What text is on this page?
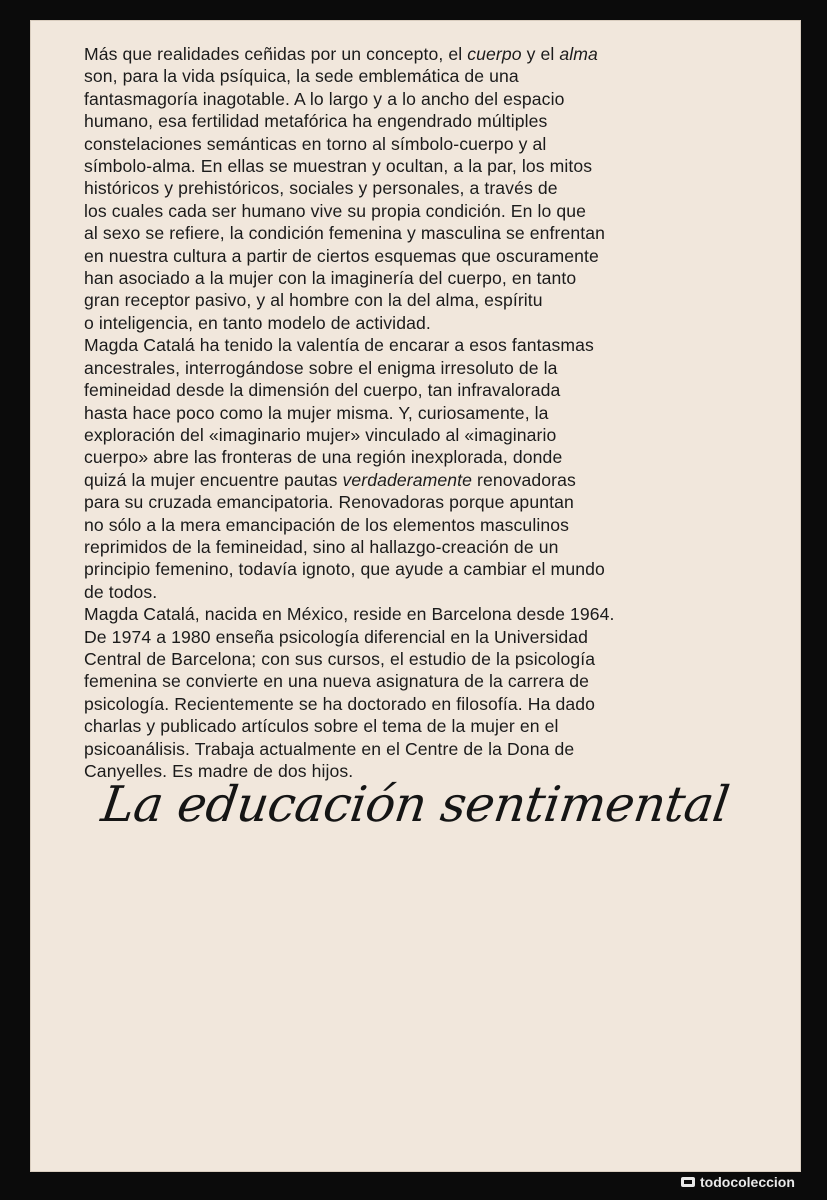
Más que realidades ceñidas por un concepto, el cuerpo y el alma
son, para la vida psíquica, la sede emblemática de una
fantasmagoría inagotable. A lo largo y a lo ancho del espacio
humano, esa fertilidad metafórica ha engendrado múltiples
constelaciones semánticas en torno al símbolo-cuerpo y al
símbolo-alma. En ellas se muestran y ocultan, a la par, los mitos
históricos y prehistóricos, sociales y personales, a través de
los cuales cada ser humano vive su propia condición. En lo que
al sexo se refiere, la condición femenina y masculina se enfrentan
en nuestra cultura a partir de ciertos esquemas que oscuramente
han asociado a la mujer con la imaginería del cuerpo, en tanto
gran receptor pasivo, y al hombre con la del alma, espíritu
o inteligencia, en tanto modelo de actividad.
Magda Catalá ha tenido la valentía de encarar a esos fantasmas
ancestrales, interrogándose sobre el enigma irresoluto de la
femineidad desde la dimensión del cuerpo, tan infravalorada
hasta hace poco como la mujer misma. Y, curiosamente, la
exploración del «imaginario mujer» vinculado al «imaginario
cuerpo» abre las fronteras de una región inexplorada, donde
quizá la mujer encuentre pautas verdaderamente renovadoras
para su cruzada emancipatoria. Renovadoras porque apuntan
no sólo a la mera emancipación de los elementos masculinos
reprimidos de la femineidad, sino al hallazgo-creación de un
principio femenino, todavía ignoto, que ayude a cambiar el mundo
de todos.
Magda Catalá, nacida en México, reside en Barcelona desde 1964.
De 1974 a 1980 enseña psicología diferencial en la Universidad
Central de Barcelona; con sus cursos, el estudio de la psicología
femenina se convierte en una nueva asignatura de la carrera de
psicología. Recientemente se ha doctorado en filosofía. Ha dado
charlas y publicado artículos sobre el tema de la mujer en el
psicoanálisis. Trabaja actualmente en el Centre de la Dona de
Canyelles. Es madre de dos hijos.
La educación sentimental
todocoleccion
